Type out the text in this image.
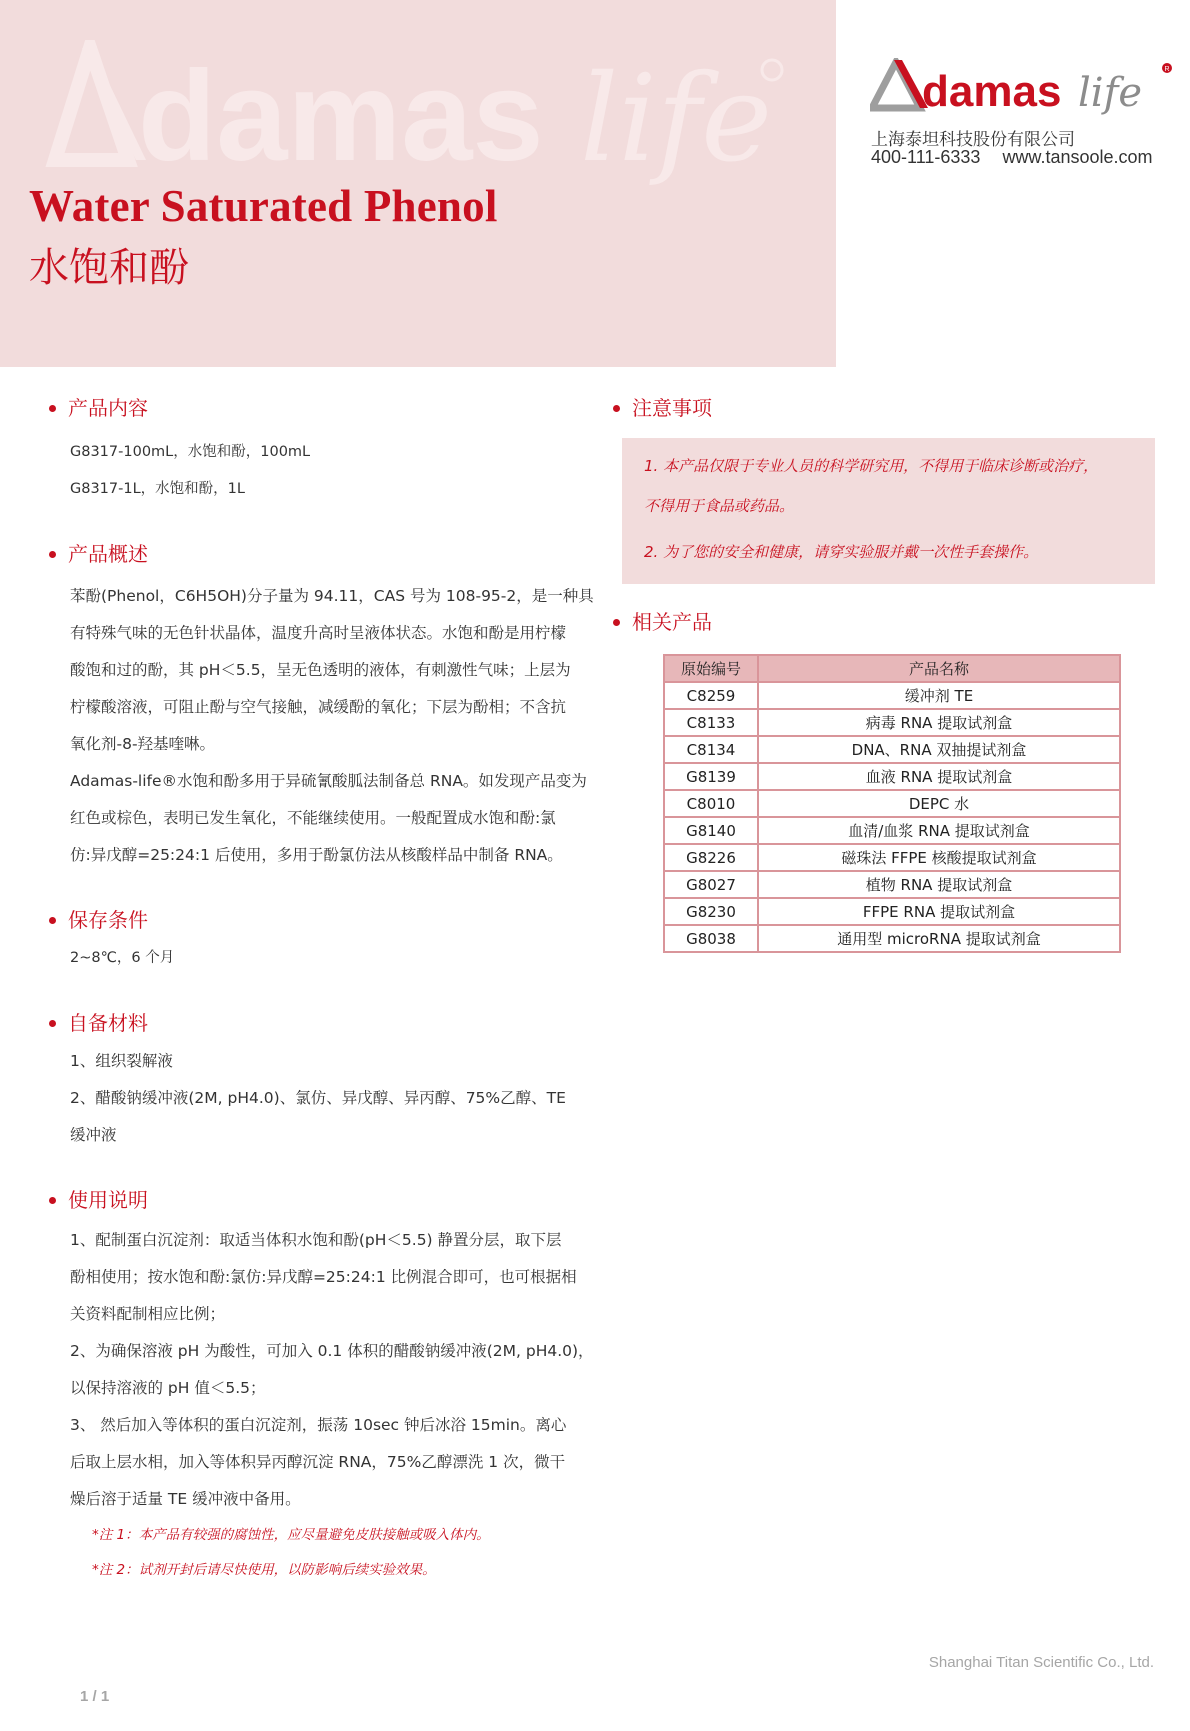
damas life
Water Saturated Phenol
水饱和酚
damas life
R
上海泰坦科技股份有限公司
400-111-6333 www.tansoole.com
产品内容
G8317-100mL，水饱和酚，100mL
G8317-1L，水饱和酚，1L
产品概述
苯酚(Phenol，C6H5OH)分子量为 94.11，CAS 号为 108-95-2，是一种具
有特殊气味的无色针状晶体，温度升高时呈液体状态。水饱和酚是用柠檬
酸饱和过的酚，其 pH＜5.5，呈无色透明的液体，有刺激性气味；上层为
柠檬酸溶液，可阻止酚与空气接触，减缓酚的氧化；下层为酚相；不含抗
氧化剂-8-羟基喹啉。
Adamas-life®水饱和酚多用于异硫氰酸胍法制备总 RNA。如发现产品变为
红色或棕色，表明已发生氧化，不能继续使用。一般配置成水饱和酚:氯
仿:异戊醇=25:24:1 后使用，多用于酚氯仿法从核酸样品中制备 RNA。
保存条件
2~8℃，6 个月
自备材料
1、组织裂解液
2、醋酸钠缓冲液(2M, pH4.0)、氯仿、异戊醇、异丙醇、75%乙醇、TE
缓冲液
使用说明
1、配制蛋白沉淀剂：取适当体积水饱和酚(pH＜5.5) 静置分层，取下层
酚相使用；按水饱和酚:氯仿:异戊醇=25:24:1 比例混合即可，也可根据相
关资料配制相应比例；
2、为确保溶液 pH 为酸性，可加入 0.1 体积的醋酸钠缓冲液(2M, pH4.0)，
以保持溶液的 pH 值＜5.5；
3、 然后加入等体积的蛋白沉淀剂，振荡 10sec 钟后冰浴 15min。离心
后取上层水相，加入等体积异丙醇沉淀 RNA，75%乙醇漂洗 1 次，微干
燥后溶于适量 TE 缓冲液中备用。
*注 1：本产品有较强的腐蚀性，应尽量避免皮肤接触或吸入体内。
*注 2：试剂开封后请尽快使用，以防影响后续实验效果。
注意事项
1. 本产品仅限于专业人员的科学研究用，不得用于临床诊断或治疗，
不得用于食品或药品。
2. 为了您的安全和健康，请穿实验服并戴一次性手套操作。
相关产品
原始编号	产品名称
C8259	缓冲剂 TE
C8133	病毒 RNA 提取试剂盒
C8134	DNA、RNA 双抽提试剂盒
G8139	血液 RNA 提取试剂盒
C8010	DEPC 水
G8140	血清/血浆 RNA 提取试剂盒
G8226	磁珠法 FFPE 核酸提取试剂盒
G8027	植物 RNA 提取试剂盒
G8230	FFPE RNA 提取试剂盒
G8038	通用型 microRNA 提取试剂盒
Shanghai Titan Scientific Co., Ltd.
1 / 1
